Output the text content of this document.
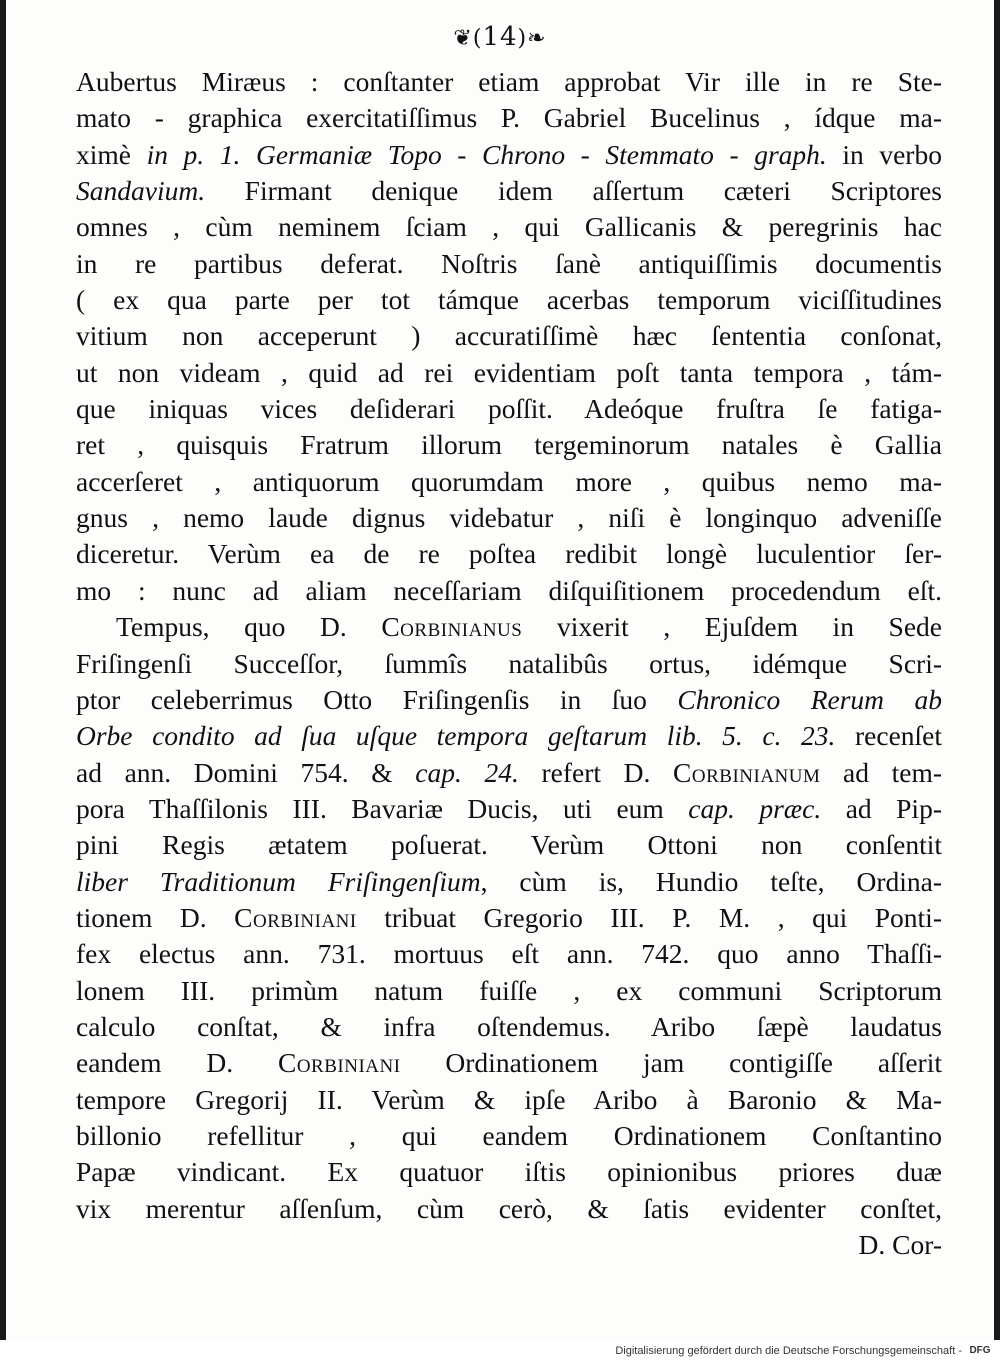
❦(14)❧
Aubertus Miræus : conſtanter etiam approbat Vir ille in re Ste-
mato - graphica exercitatiſſimus P. Gabriel Bucelinus , ídque ma-
ximè in p. 1. Germaniæ Topo - Chrono - Stemmato - graph. in verbo
Sandavium. Firmant denique idem aſſertum cæteri Scriptores
omnes , cùm neminem ſciam , qui Gallicanis & peregrinis hac
in re partibus deferat. Noſtris ſanè antiquiſſimis documentis
( ex qua parte per tot támque acerbas temporum viciſſitudines
vitium non acceperunt ) accuratiſſimè hæc ſententia conſonat,
ut non videam , quid ad rei evidentiam poſt tanta tempora , tám-
que iniquas vices deſiderari poſſit. Adeóque fruſtra ſe fatiga-
ret , quisquis Fratrum illorum tergeminorum natales è Gallia
accerſeret , antiquorum quorumdam more , quibus nemo ma-
gnus , nemo laude dignus videbatur , niſi è longinquo adveniſſe
diceretur. Verùm ea de re poſtea redibit longè luculentior ſer-
mo : nunc ad aliam neceſſariam diſquiſitionem procedendum eſt.
Tempus, quo D. Corbinianus vixerit , Ejuſdem in Sede
Friſingenſi Succeſſor, ſummîs natalibûs ortus, idémque Scri-
ptor celeberrimus Otto Friſingenſis in ſuo Chronico Rerum ab
Orbe condito ad ſua uſque tempora geſtarum lib. 5. c. 23. recenſet
ad ann. Domini 754. & cap. 24. refert D. Corbinianum ad tem-
pora Thaſſilonis III. Bavariæ Ducis, uti eum cap. præc. ad Pip-
pini Regis ætatem poſuerat. Verùm Ottoni non conſentit
liber Traditionum Friſingenſium, cùm is, Hundio teſte, Ordina-
tionem D. Corbiniani tribuat Gregorio III. P. M. , qui Ponti-
fex electus ann. 731. mortuus eſt ann. 742. quo anno Thaſſi-
lonem III. primùm natum fuiſſe , ex communi Scriptorum
calculo conſtat, & infra oſtendemus. Aribo ſæpè laudatus
eandem D. Corbiniani Ordinationem jam contigiſſe aſſerit
tempore Gregorij II. Verùm & ipſe Aribo à Baronio & Ma-
billonio refellitur , qui eandem Ordinationem Conſtantino
Papæ vindicant. Ex quatuor iſtis opinionibus priores duæ
vix merentur aſſenſum, cùm cerò, & ſatis evidenter conſtet,
D. Cor-
Digitalisierung gefördert durch die Deutsche Forschungsgemeinschaft - DFG
